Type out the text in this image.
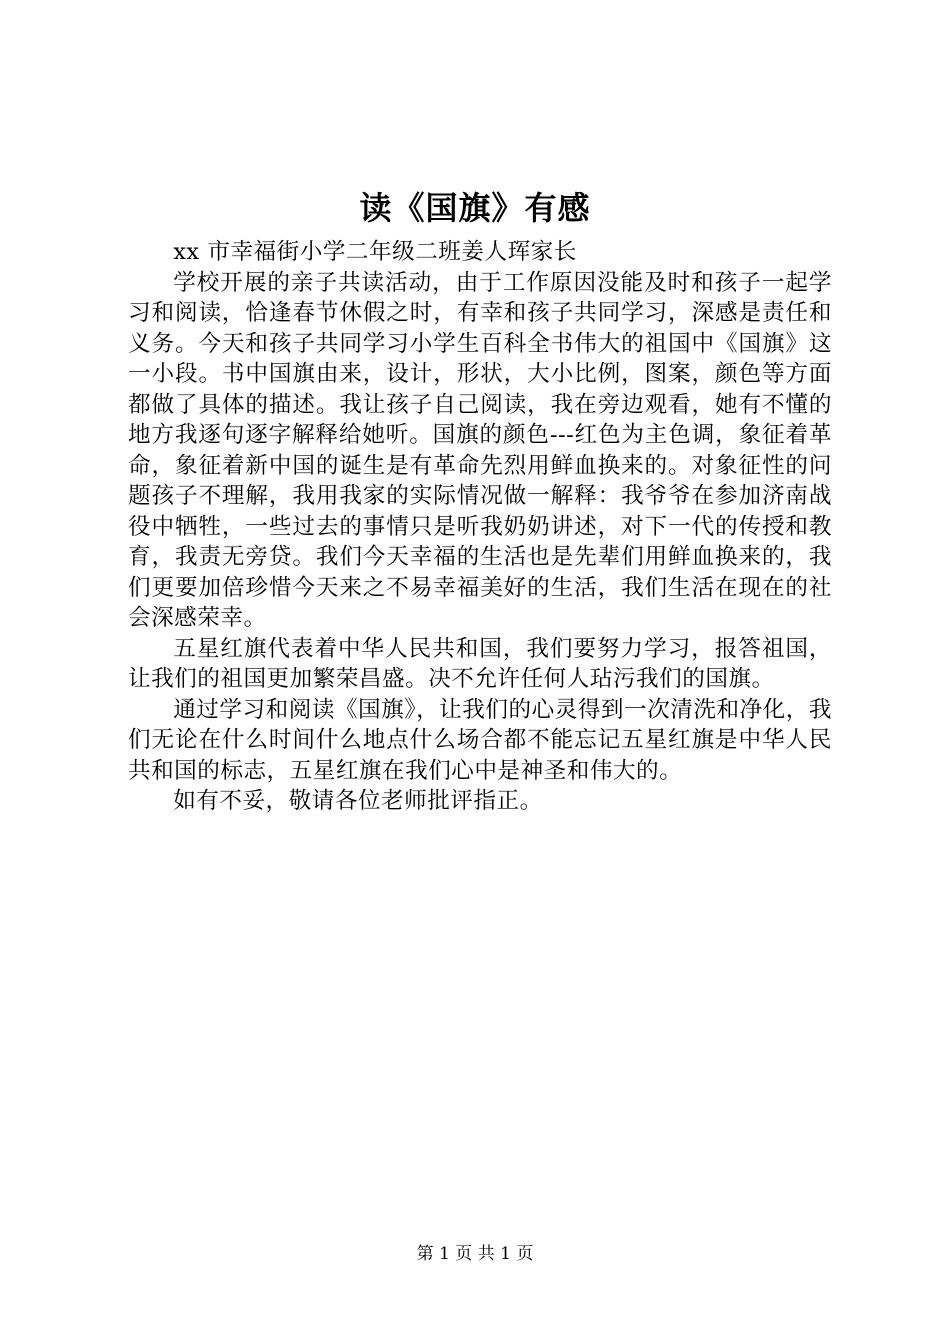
读《国旗》有感

xx 市幸福街小学二年级二班姜人珲家长

学校开展的亲子共读活动，由于工作原因没能及时和孩子一起学习和阅读，恰逢春节休假之时，有幸和孩子共同学习，深感是责任和义务。今天和孩子共同学习小学生百科全书伟大的祖国中《国旗》这一小段。书中国旗由来，设计，形状，大小比例，图案，颜色等方面都做了具体的描述。我让孩子自己阅读，我在旁边观看，她有不懂的地方我逐句逐字解释给她听。国旗的颜色---红色为主色调，象征着革命，象征着新中国的诞生是有革命先烈用鲜血换来的。对象征性的问题孩子不理解，我用我家的实际情况做一解释：我爷爷在参加济南战役中牺牲，一些过去的事情只是听我奶奶讲述，对下一代的传授和教育，我责无旁贷。我们今天幸福的生活也是先辈们用鲜血换来的，我们更要加倍珍惜今天来之不易幸福美好的生活，我们生活在现在的社会深感荣幸。

五星红旗代表着中华人民共和国，我们要努力学习，报答祖国，让我们的祖国更加繁荣昌盛。决不允许任何人玷污我们的国旗。

通过学习和阅读《国旗》，让我们的心灵得到一次清洗和净化，我们无论在什么时间什么地点什么场合都不能忘记五星红旗是中华人民共和国的标志，五星红旗在我们心中是神圣和伟大的。

如有不妥，敬请各位老师批评指正。

第 1 页 共 1 页
